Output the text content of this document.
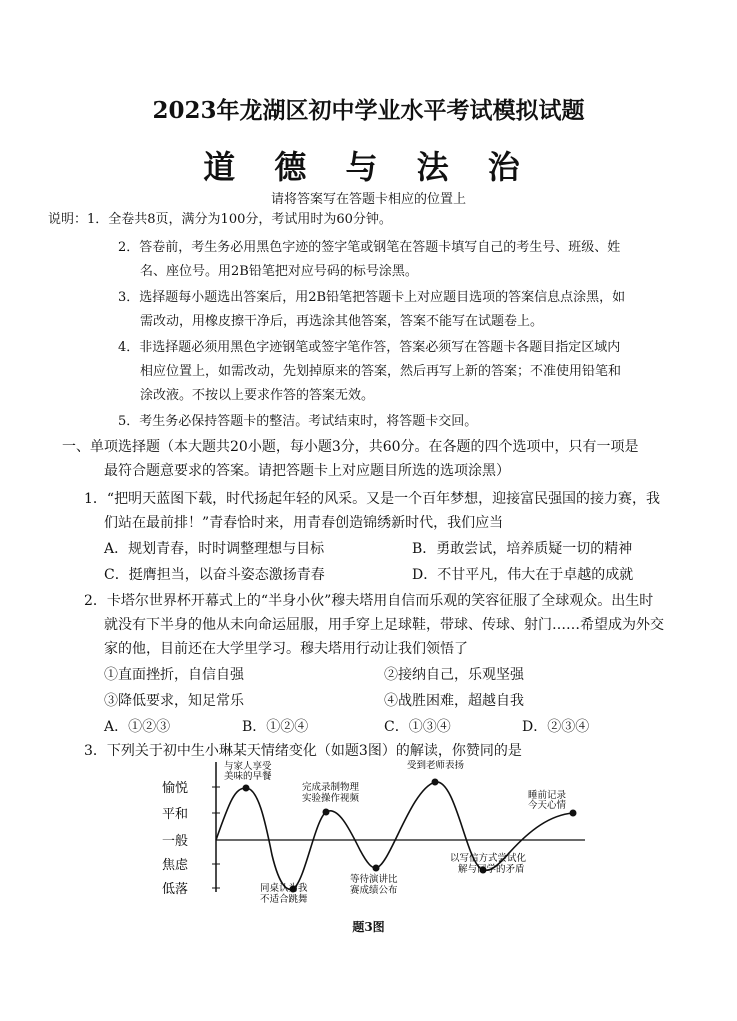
2023年龙湖区初中学业水平考试模拟试题
道 德 与 法 治
请将答案写在答题卡相应的位置上
说明：1．全卷共8页，满分为100分，考试用时为60分钟。
2．答卷前，考生务必用黑色字迹的签字笔或钢笔在答题卡填写自己的考生号、班级、姓
名、座位号。用2B铅笔把对应号码的标号涂黑。
3．选择题每小题选出答案后，用2B铅笔把答题卡上对应题目选项的答案信息点涂黑，如
需改动，用橡皮擦干净后，再选涂其他答案，答案不能写在试题卷上。
4．非选择题必须用黑色字迹钢笔或签字笔作答，答案必须写在答题卡各题目指定区域内
相应位置上，如需改动，先划掉原来的答案，然后再写上新的答案；不准使用铅笔和
涂改液。不按以上要求作答的答案无效。
5．考生务必保持答题卡的整洁。考试结束时，将答题卡交回。
一、单项选择题（本大题共20小题，每小题3分，共60分。在各题的四个选项中，只有一项是
最符合题意要求的答案。请把答题卡上对应题目所选的选项涂黑）
1．“把明天蓝图下载，时代扬起年轻的风采。又是一个百年梦想，迎接富民强国的接力赛，我
们站在最前排！”青春恰时来，用青春创造锦绣新时代，我们应当
A．规划青春，时时调整理想与目标	B．勇敢尝试，培养质疑一切的精神
C．挺膺担当，以奋斗姿态激扬青春	D．不甘平凡，伟大在于卓越的成就
2．卡塔尔世界杯开幕式上的“半身小伙”穆夫塔用自信而乐观的笑容征服了全球观众。出生时
就没有下半身的他从未向命运屈服，用手穿上足球鞋，带球、传球、射门……希望成为外交
家的他，目前还在大学里学习。穆夫塔用行动让我们领悟了
①直面挫折，自信自强	②接纳自己，乐观坚强
③降低要求，知足常乐	④战胜困难，超越自我
A．①②③	B．①②④	C．①③④	D．②③④
3．下列关于初中生小琳某天情绪变化（如题3图）的解读，你赞同的是
愉悦
平和
一般
焦虑
低落
与家人享受
美味的早餐
同桌认为我
不适合跳舞
完成录制物理
实验操作视频
等待演讲比
赛成绩公布
受到老师表扬
以写信方式尝试化
解与同学的矛盾
睡前记录
今天心情
题3图
